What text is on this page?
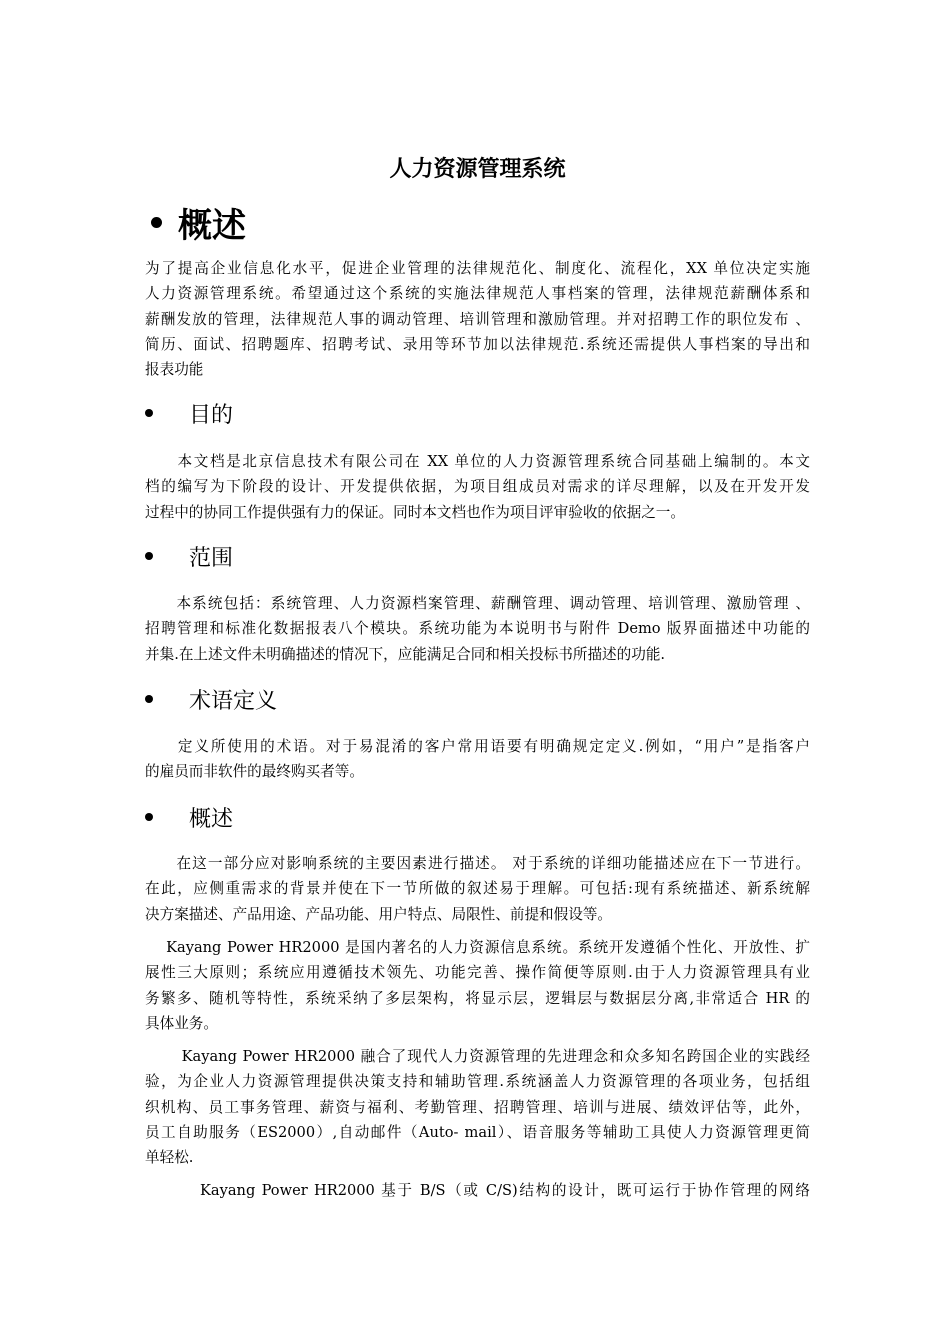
人力资源管理系统
概述
为了提高企业信息化水平，促进企业管理的法律规范化、制度化、流程化，XX 单位决定实施
人力资源管理系统。希望通过这个系统的实施法律规范人事档案的管理，法律规范薪酬体系和
薪酬发放的管理，法律规范人事的调动管理、培训管理和激励管理。并对招聘工作的职位发布 、
简历、面试、招聘题库、招聘考试、录用等环节加以法律规范.系统还需提供人事档案的导出和
报表功能
目的
　　本文档是北京信息技术有限公司在 XX 单位的人力资源管理系统合同基础上编制的。本文
档的编写为下阶段的设计、开发提供依据，为项目组成员对需求的详尽理解，以及在开发开发
过程中的协同工作提供强有力的保证。同时本文档也作为项目评审验收的依据之一。
范围
　　本系统包括：系统管理、人力资源档案管理、薪酬管理、调动管理、培训管理、激励管理 、
招聘管理和标准化数据报表八个模块。系统功能为本说明书与附件 Demo 版界面描述中功能的
并集.在上述文件未明确描述的情况下，应能满足合同和相关投标书所描述的功能.
术语定义
　　定义所使用的术语。对于易混淆的客户常用语要有明确规定定义.例如，“用户”是指客户
的雇员而非软件的最终购买者等。
概述
　　在这一部分应对影响系统的主要因素进行描述。 对于系统的详细功能描述应在下一节进行。
在此，应侧重需求的背景并使在下一节所做的叙述易于理解。可包括:现有系统描述、新系统解
决方案描述、产品用途、产品功能、用户特点、局限性、前提和假设等。
　 Kayang Power HR2000 是国内著名的人力资源信息系统。系统开发遵循个性化、开放性、扩
展性三大原则；系统应用遵循技术领先、功能完善、操作简便等原则.由于人力资源管理具有业
务繁多、随机等特性，系统采纳了多层架构，将显示层，逻辑层与数据层分离,非常适合 HR 的
具体业务。
　　 Kayang Power HR2000 融合了现代人力资源管理的先进理念和众多知名跨国企业的实践经
验，为企业人力资源管理提供决策支持和辅助管理.系统涵盖人力资源管理的各项业务，包括组
织机构、员工事务管理、薪资与福利、考勤管理、招聘管理、培训与进展、绩效评估等，此外，
员工自助服务（ES2000）,自动邮件（Auto- mail）、语音服务等辅助工具使人力资源管理更简
单轻松.
　　　 Kayang Power HR2000 基于 B/S（或 C/S)结构的设计，既可运行于协作管理的网络
